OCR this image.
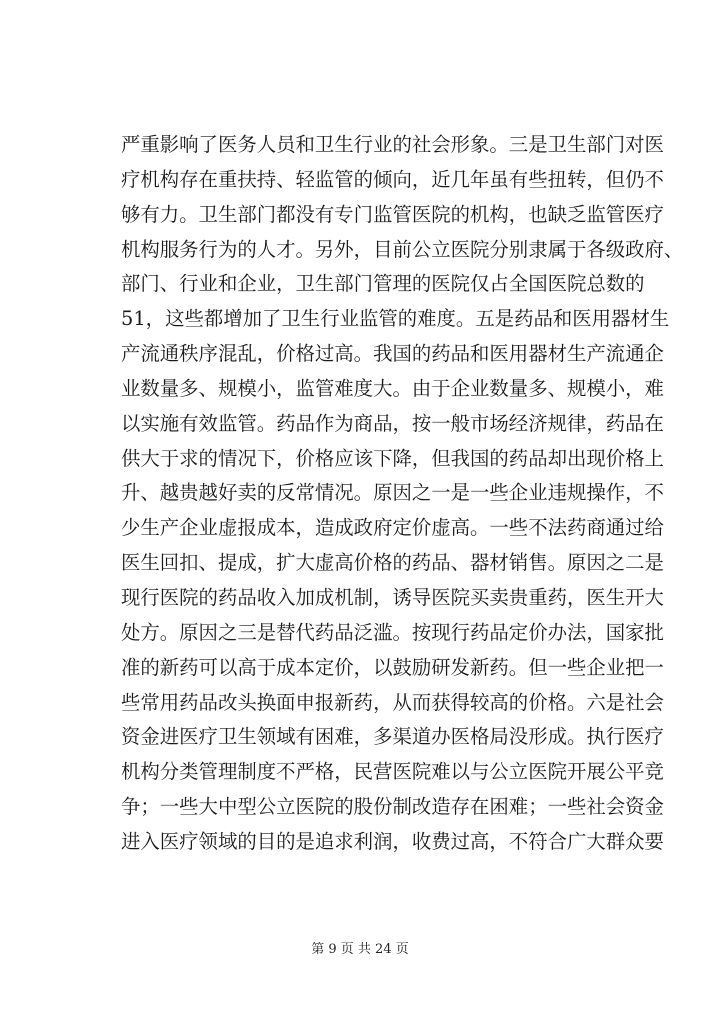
严重影响了医务人员和卫生行业的社会形象。三是卫生部门对医
疗机构存在重扶持、轻监管的倾向，近几年虽有些扭转，但仍不
够有力。卫生部门都没有专门监管医院的机构，也缺乏监管医疗
机构服务行为的人才。另外，目前公立医院分别隶属于各级政府、
部门、行业和企业，卫生部门管理的医院仅占全国医院总数的
51，这些都增加了卫生行业监管的难度。五是药品和医用器材生
产流通秩序混乱，价格过高。我国的药品和医用器材生产流通企
业数量多、规模小，监管难度大。由于企业数量多、规模小，难
以实施有效监管。药品作为商品，按一般市场经济规律，药品在
供大于求的情况下，价格应该下降，但我国的药品却出现价格上
升、越贵越好卖的反常情况。原因之一是一些企业违规操作，不
少生产企业虚报成本，造成政府定价虚高。一些不法药商通过给
医生回扣、提成，扩大虚高价格的药品、器材销售。原因之二是
现行医院的药品收入加成机制，诱导医院买卖贵重药，医生开大
处方。原因之三是替代药品泛滥。按现行药品定价办法，国家批
准的新药可以高于成本定价，以鼓励研发新药。但一些企业把一
些常用药品改头换面申报新药，从而获得较高的价格。六是社会
资金进医疗卫生领域有困难，多渠道办医格局没形成。执行医疗
机构分类管理制度不严格，民营医院难以与公立医院开展公平竞
争；一些大中型公立医院的股份制改造存在困难；一些社会资金
进入医疗领域的目的是追求利润，收费过高，不符合广大群众要
第 9 页 共 24 页
